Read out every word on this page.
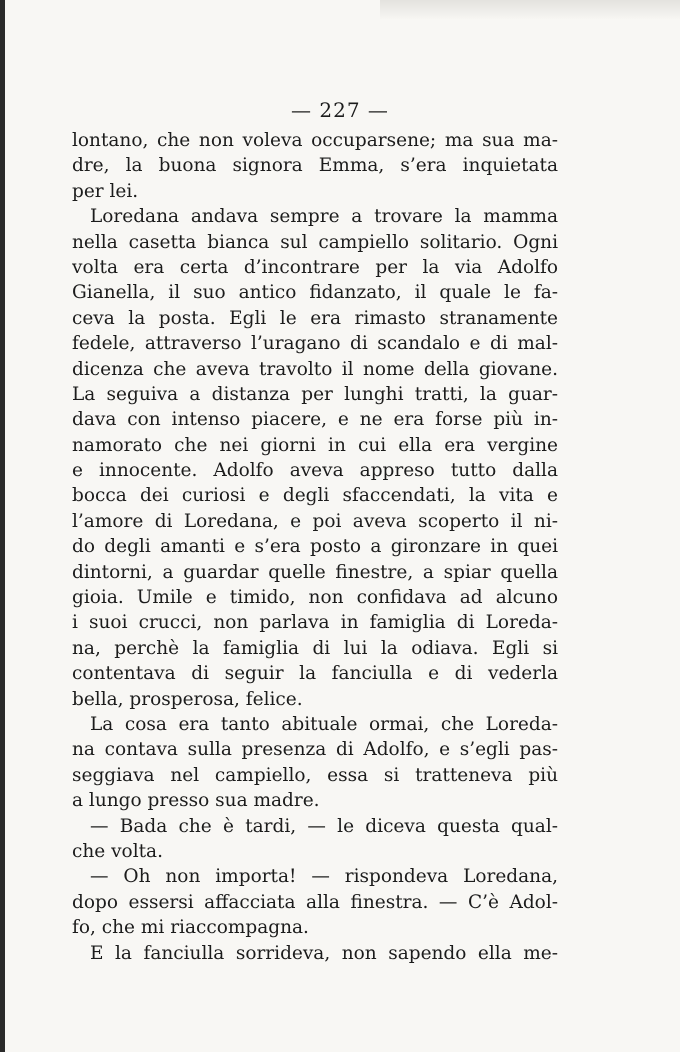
— 227 —
lontano, che non voleva occuparsene; ma sua ma-
dre, la buona signora Emma, s’era inquietata
per lei.
Loredana andava sempre a trovare la mamma
nella casetta bianca sul campiello solitario. Ogni
volta era certa d’incontrare per la via Adolfo
Gianella, il suo antico fidanzato, il quale le fa-
ceva la posta. Egli le era rimasto stranamente
fedele, attraverso l’uragano di scandalo e di mal-
dicenza che aveva travolto il nome della giovane.
La seguiva a distanza per lunghi tratti, la guar-
dava con intenso piacere, e ne era forse più in-
namorato che nei giorni in cui ella era vergine
e innocente. Adolfo aveva appreso tutto dalla
bocca dei curiosi e degli sfaccendati, la vita e
l’amore di Loredana, e poi aveva scoperto il ni-
do degli amanti e s’era posto a gironzare in quei
dintorni, a guardar quelle finestre, a spiar quella
gioia. Umile e timido, non confidava ad alcuno
i suoi crucci, non parlava in famiglia di Loreda-
na, perchè la famiglia di lui la odiava. Egli si
contentava di seguir la fanciulla e di vederla
bella, prosperosa, felice.
La cosa era tanto abituale ormai, che Loreda-
na contava sulla presenza di Adolfo, e s’egli pas-
seggiava nel campiello, essa si tratteneva più
a lungo presso sua madre.
— Bada che è tardi, — le diceva questa qual-
che volta.
— Oh non importa! — rispondeva Loredana,
dopo essersi affacciata alla finestra. — C’è Adol-
fo, che mi riaccompagna.
E la fanciulla sorrideva, non sapendo ella me-
